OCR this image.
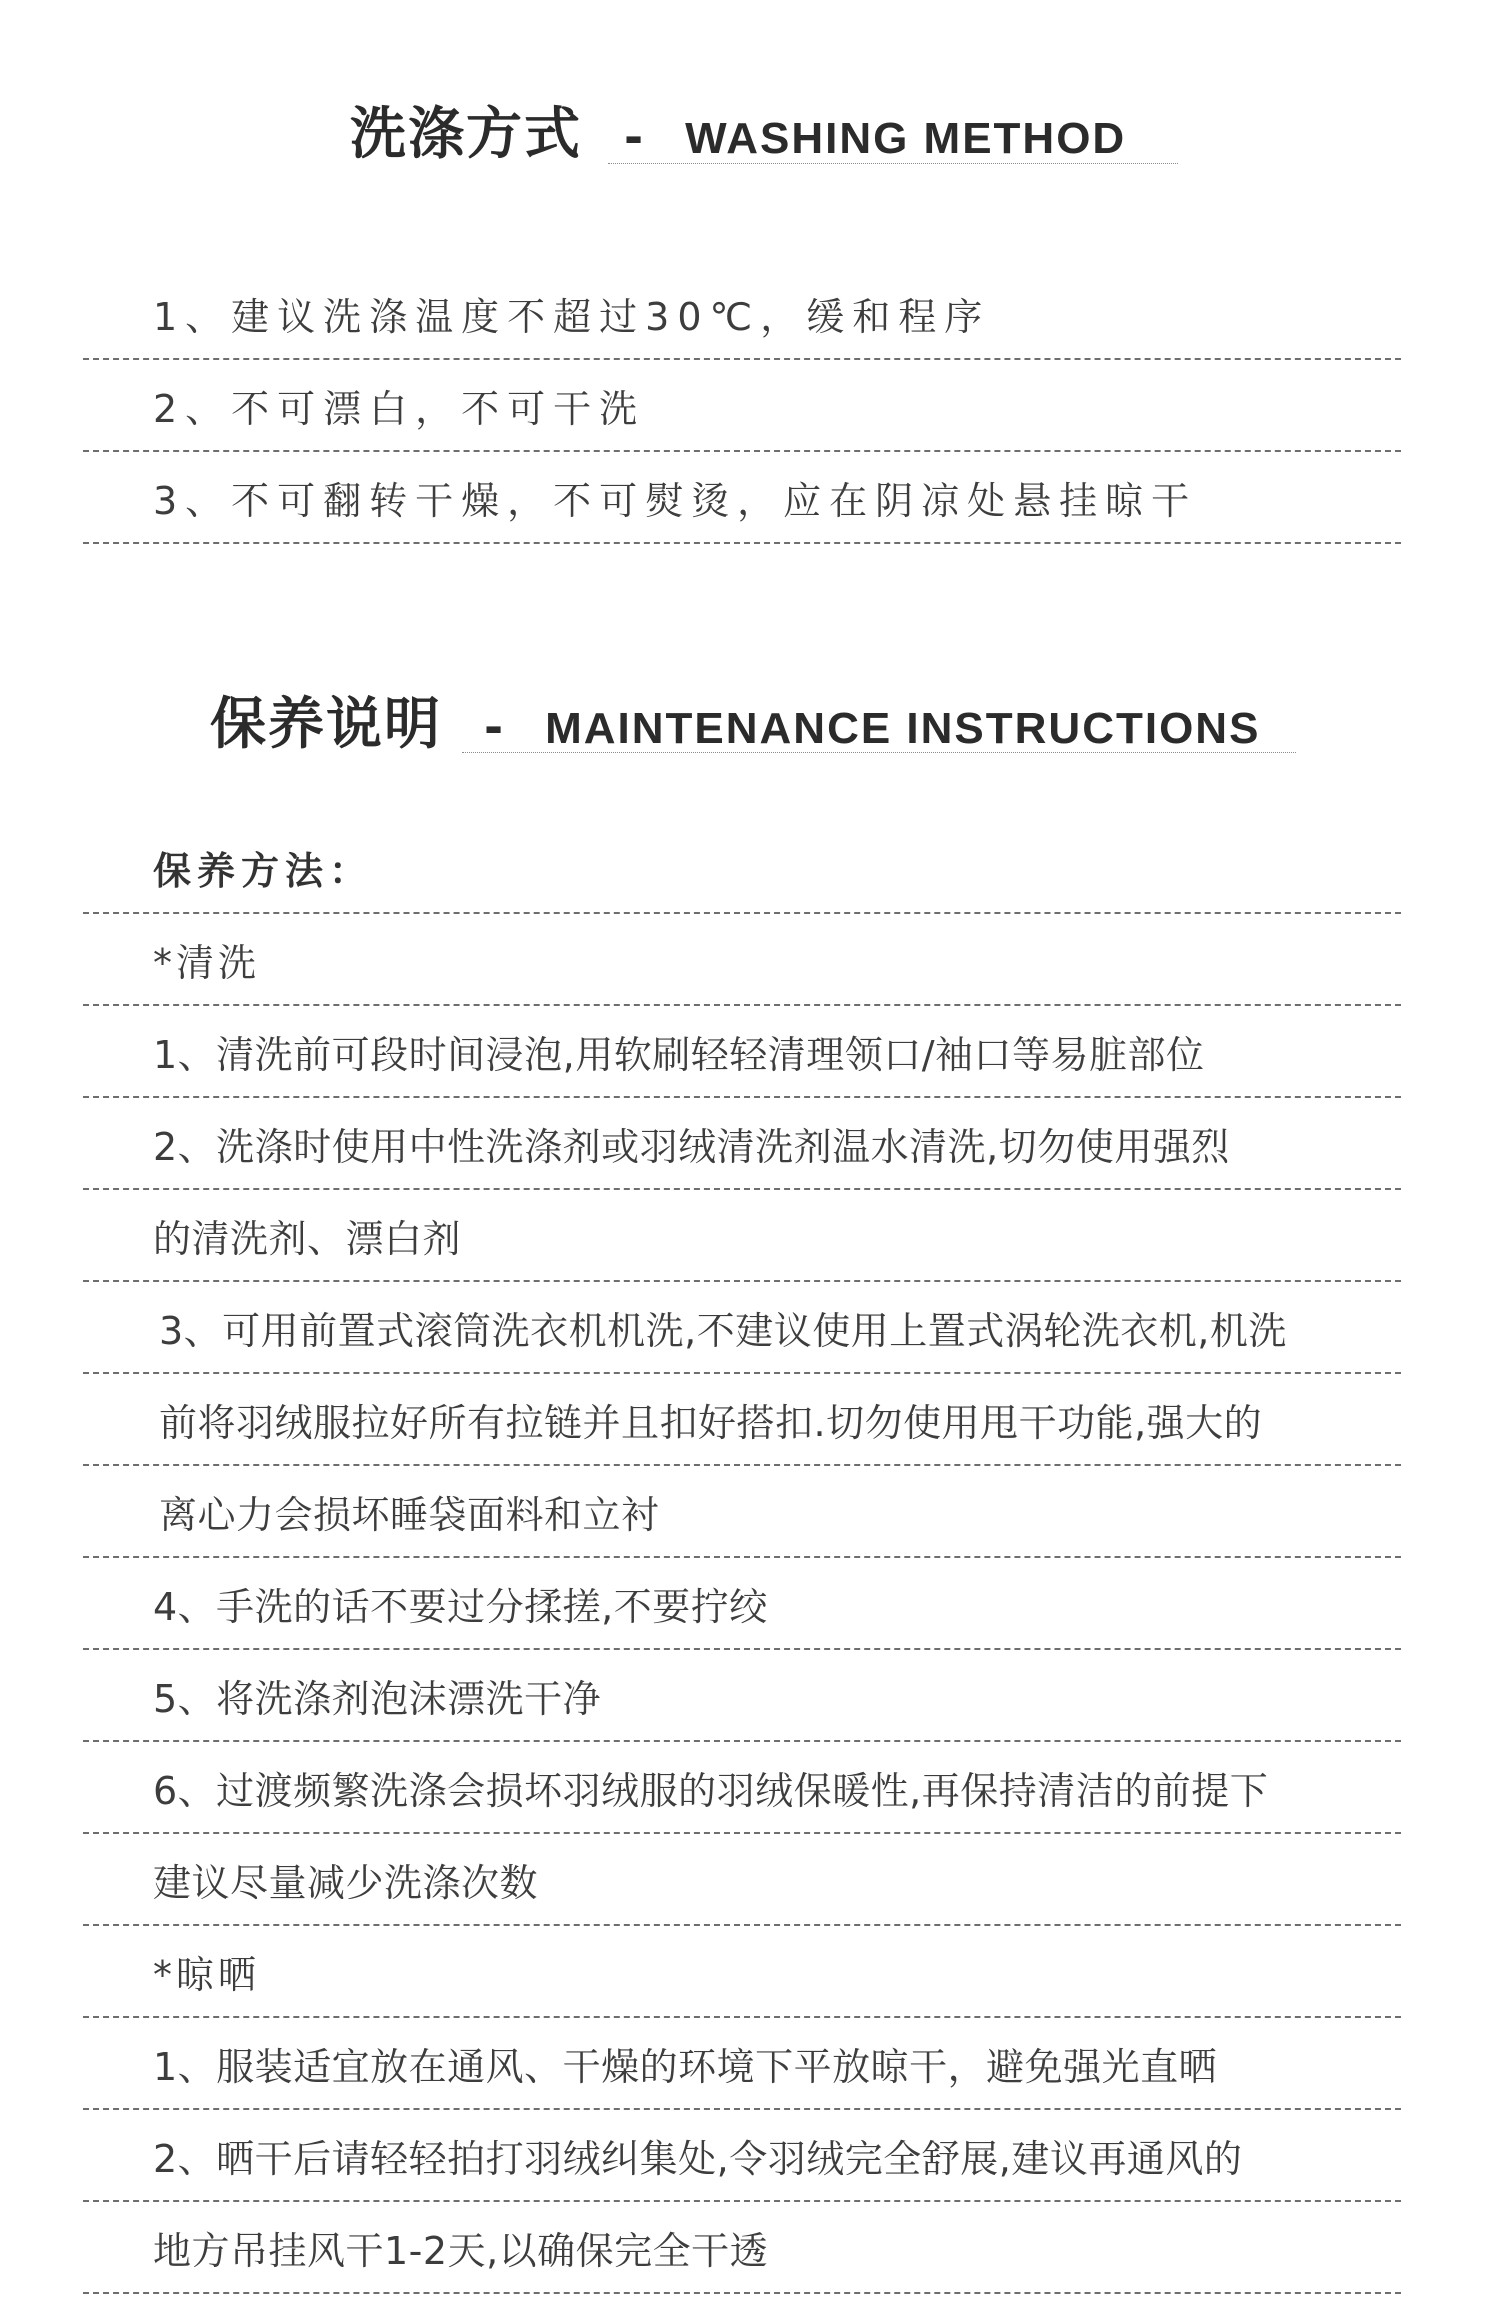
洗涤方式 - WASHING METHOD
1、建议洗涤温度不超过30℃，缓和程序
2、不可漂白，不可干洗
3、不可翻转干燥，不可熨烫，应在阴凉处悬挂晾干
保养说明 - MAINTENANCE INSTRUCTIONS
保养方法：
*清洗
1、清洗前可段时间浸泡,用软刷轻轻清理领口/袖口等易脏部位
2、洗涤时使用中性洗涤剂或羽绒清洗剂温水清洗,切勿使用强烈
的清洗剂、漂白剂
3、可用前置式滚筒洗衣机机洗,不建议使用上置式涡轮洗衣机,机洗
前将羽绒服拉好所有拉链并且扣好搭扣.切勿使用甩干功能,强大的
离心力会损坏睡袋面料和立衬
4、手洗的话不要过分揉搓,不要拧绞
5、将洗涤剂泡沫漂洗干净
6、过渡频繁洗涤会损坏羽绒服的羽绒保暖性,再保持清洁的前提下
建议尽量减少洗涤次数
*晾晒
1、服装适宜放在通风、干燥的环境下平放晾干，避免强光直晒
2、晒干后请轻轻拍打羽绒纠集处,令羽绒完全舒展,建议再通风的
地方吊挂风干1-2天,以确保完全干透
